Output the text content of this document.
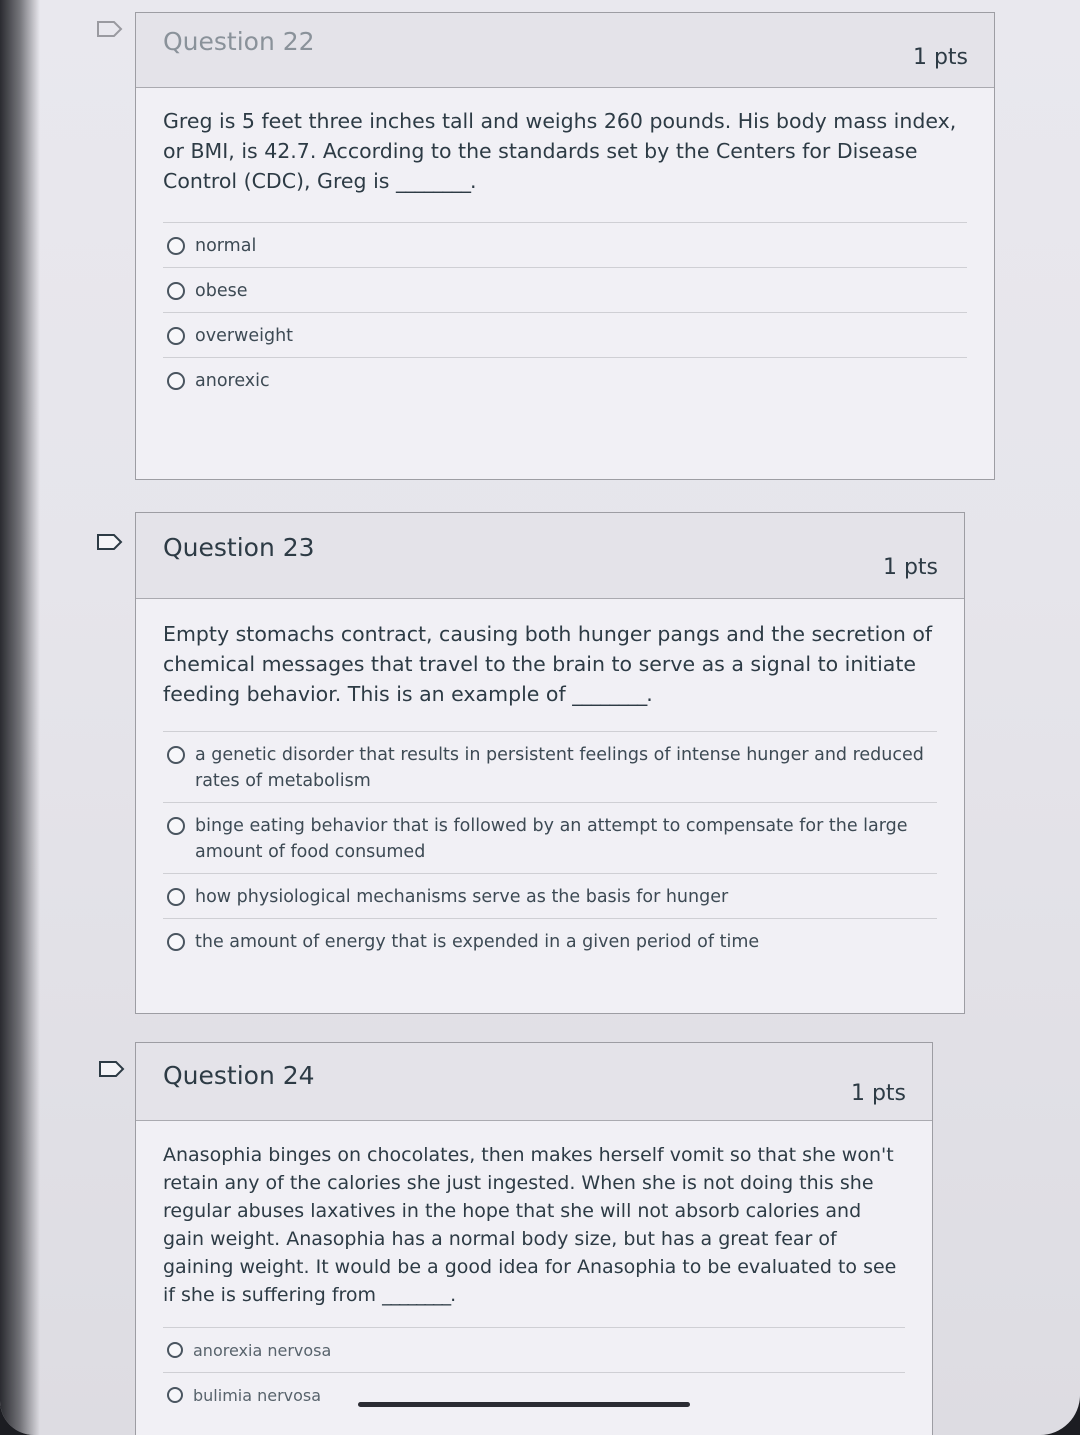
Question 22
1 pts

Greg is 5 feet three inches tall and weighs 260 pounds. His body mass index, or BMI, is 42.7. According to the standards set by the Centers for Disease Control (CDC), Greg is ________.

normal
obese
overweight
anorexic
Question 23
1 pts

Empty stomachs contract, causing both hunger pangs and the secretion of chemical messages that travel to the brain to serve as a signal to initiate feeding behavior. This is an example of ________.

a genetic disorder that results in persistent feelings of intense hunger and reduced rates of metabolism
binge eating behavior that is followed by an attempt to compensate for the large amount of food consumed
how physiological mechanisms serve as the basis for hunger
the amount of energy that is expended in a given period of time
Question 24
1 pts

Anasophia binges on chocolates, then makes herself vomit so that she won't retain any of the calories she just ingested. When she is not doing this she regular abuses laxatives in the hope that she will not absorb calories and gain weight. Anasophia has a normal body size, but has a great fear of gaining weight. It would be a good idea for Anasophia to be evaluated to see if she is suffering from ________.

anorexia nervosa
bulimia nervosa
